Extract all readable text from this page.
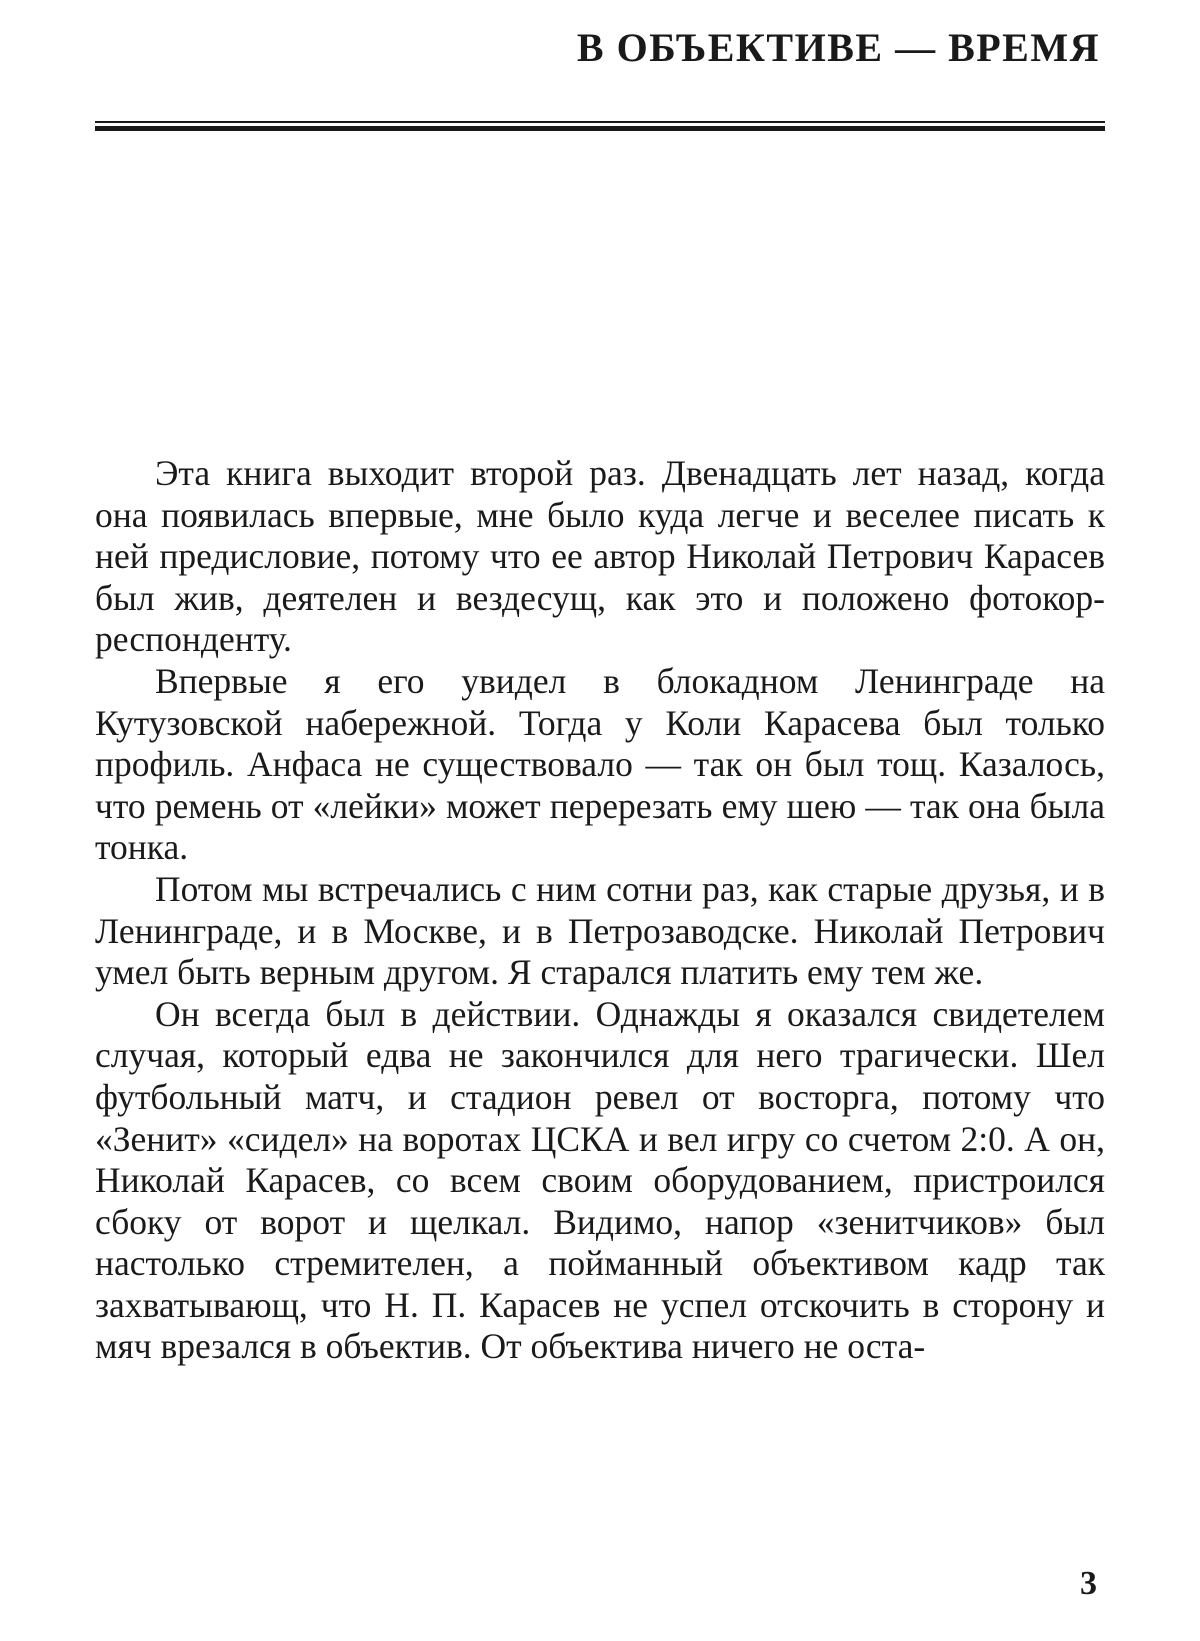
В ОБЪЕКТИВЕ — ВРЕМЯ

Эта книга выходит второй раз. Двенадцать лет назад, когда она появилась впервые, мне было куда легче и веселее писать к ней предисловие, потому что ее автор Николай Петрович Карасев был жив, деятелен и вездесущ, как это и положено фотокорреспонденту.

Впервые я его увидел в блокадном Ленинграде на Кутузовской набережной. Тогда у Коли Карасева был только профиль. Анфаса не существовало — так он был тощ. Казалось, что ремень от «лейки» может перерезать ему шею — так она была тонка.

Потом мы встречались с ним сотни раз, как старые друзья, и в Ленинграде, и в Москве, и в Петрозаводске. Николай Петрович умел быть верным другом. Я старался платить ему тем же.

Он всегда был в действии. Однажды я оказался свидетелем случая, который едва не закончился для него трагически. Шел футбольный матч, и стадион ревел от восторга, потому что «Зенит» «сидел» на воротах ЦСКА и вел игру со счетом 2:0. А он, Николай Карасев, со всем своим оборудованием, пристроился сбоку от ворот и щелкал. Видимо, напор «зенитчиков» был настолько стремителен, а пойманный объективом кадр так захватывающ, что Н. П. Карасев не успел отскочить в сторону и мяч врезался в объектив. От объектива ничего не оста-

3
